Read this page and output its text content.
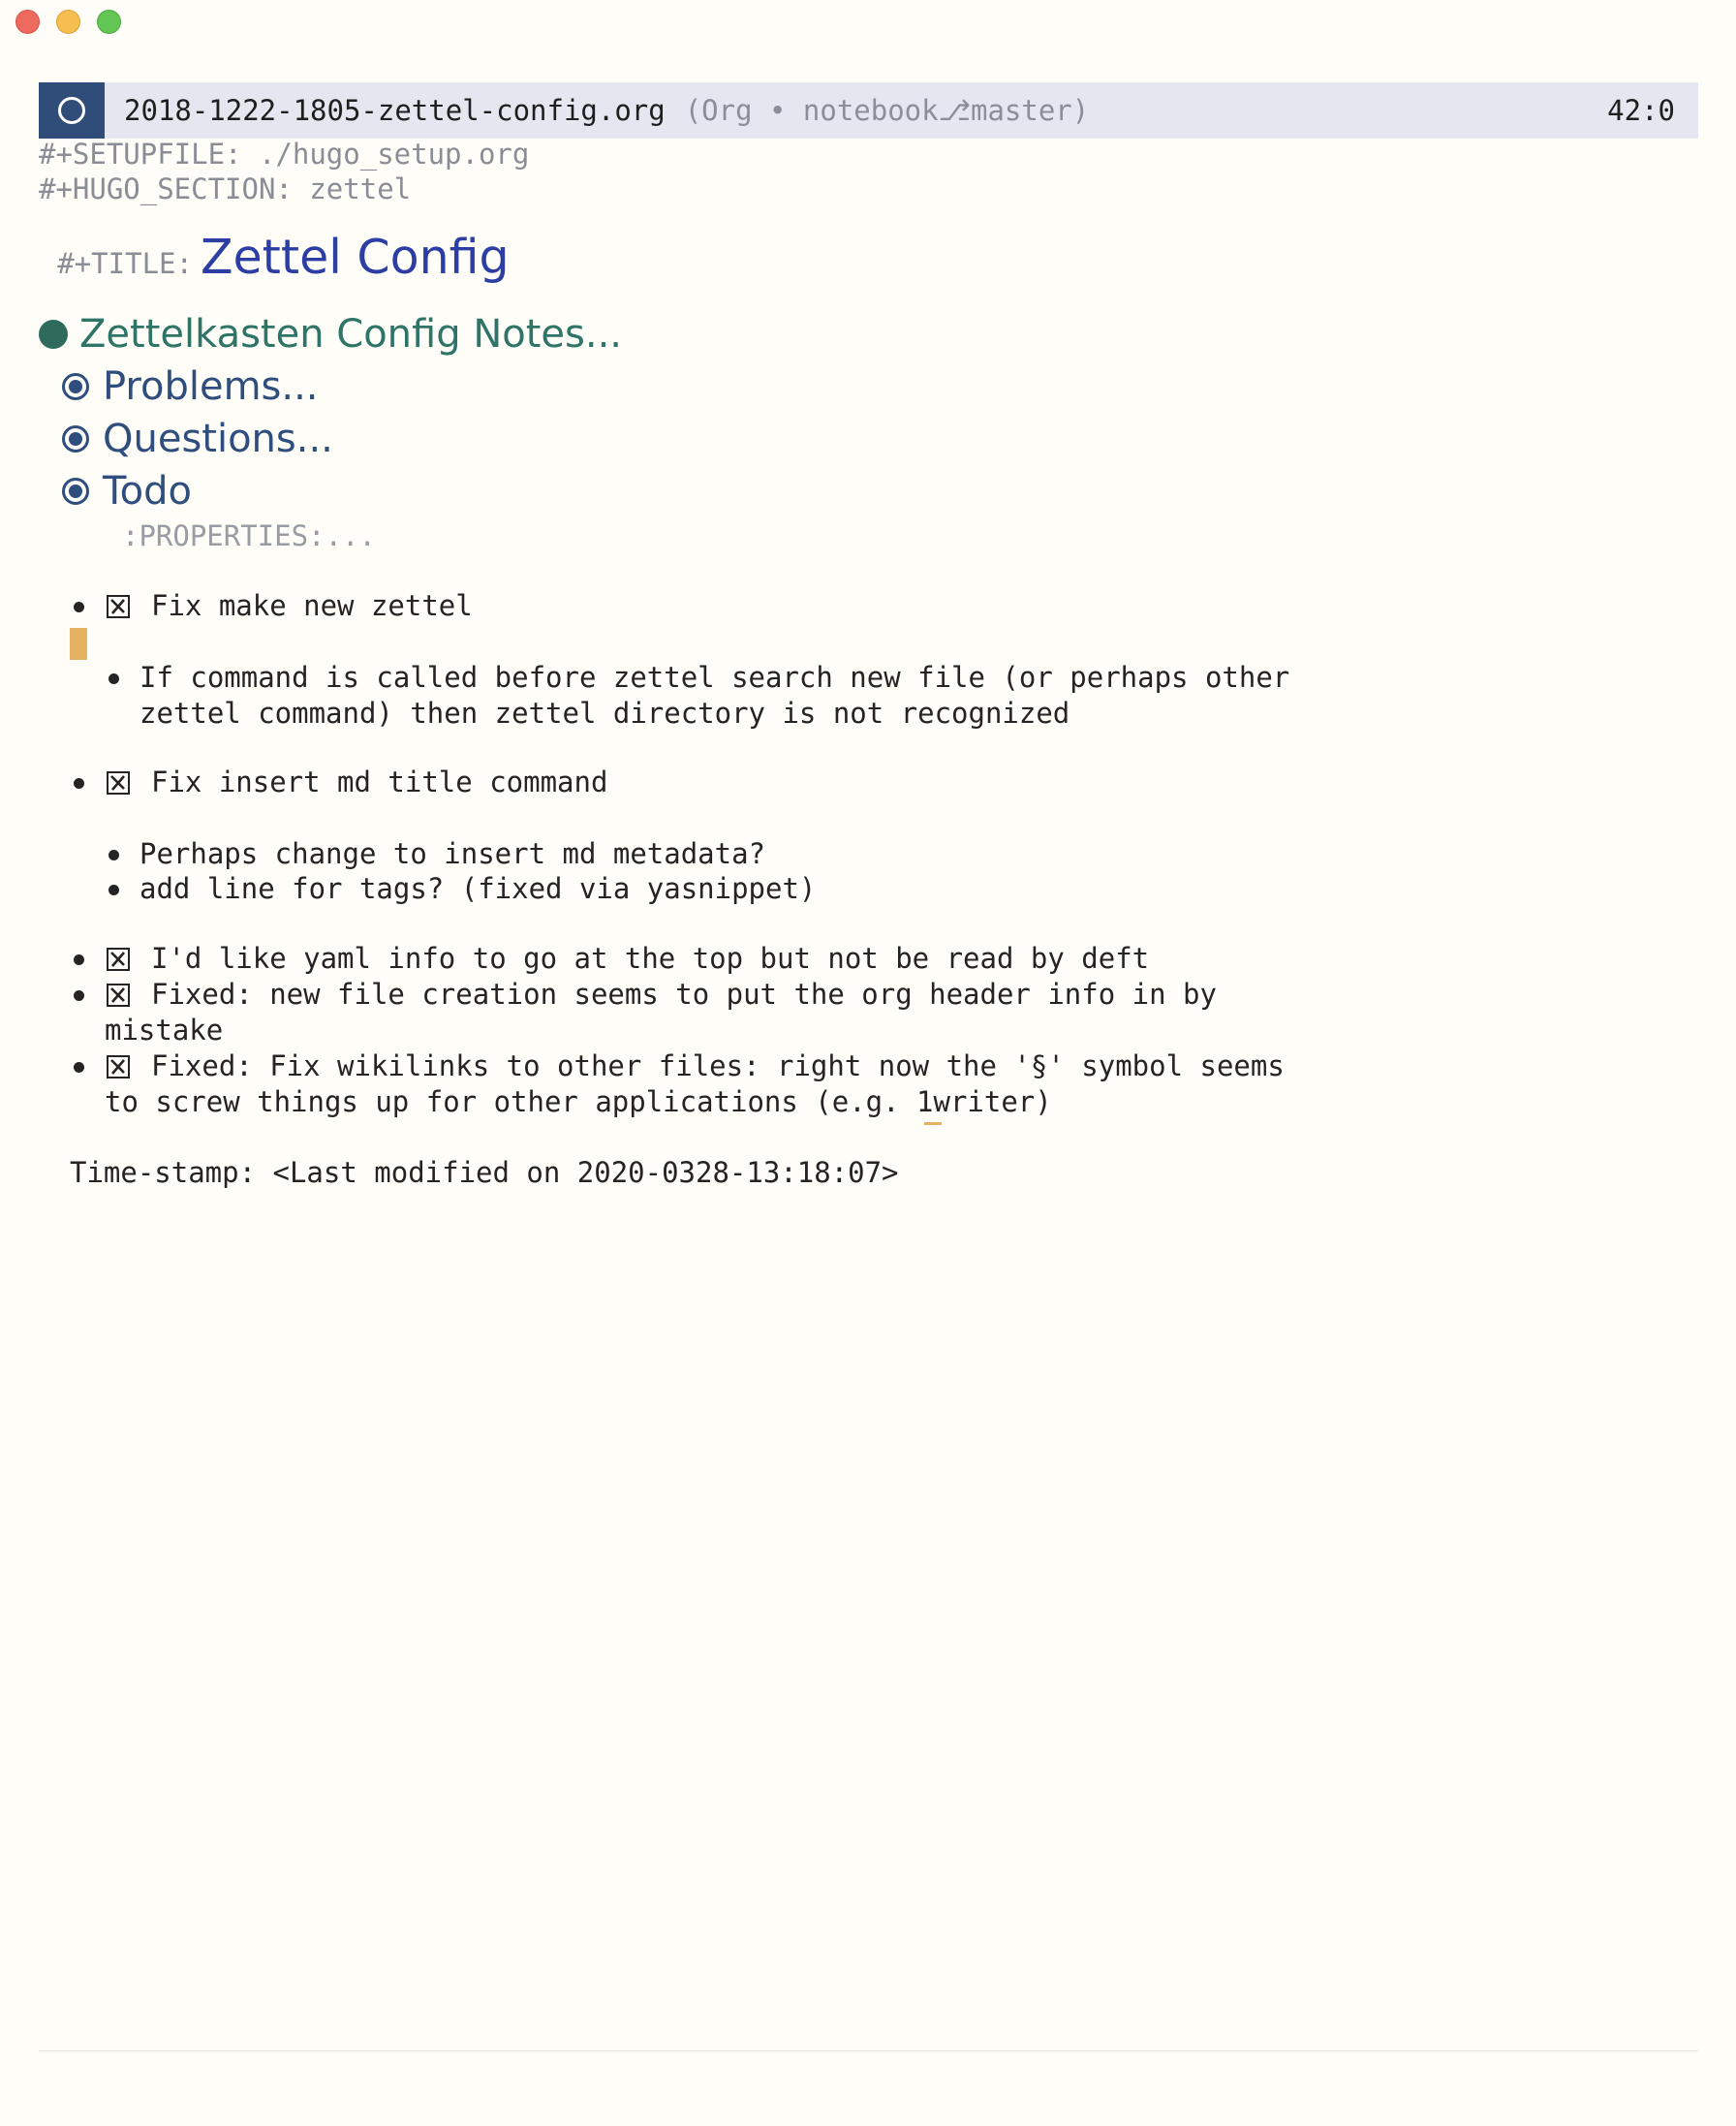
2018-1222-1805-zettel-config.org (Org • notebook⎇master)	42:0
#+SETUPFILE: ./hugo_setup.org
#+HUGO_SECTION: zettel

#+TITLE: Zettel Config

Zettelkasten Config Notes...
Problems...
Questions...
Todo
:PROPERTIES:...
Fix make new zettel
If command is called before zettel search new file (or perhaps other
zettel command) then zettel directory is not recognized
Fix insert md title command
Perhaps change to insert md metadata?
add line for tags? (fixed via yasnippet)
I'd like yaml info to go at the top but not be read by deft
Fixed: new file creation seems to put the org header info in by
mistake
Fixed: Fix wikilinks to other files: right now the '§' symbol seems
to screw things up for other applications (e.g. 1writer)
Time-stamp: <Last modified on 2020-0328-13:18:07>
